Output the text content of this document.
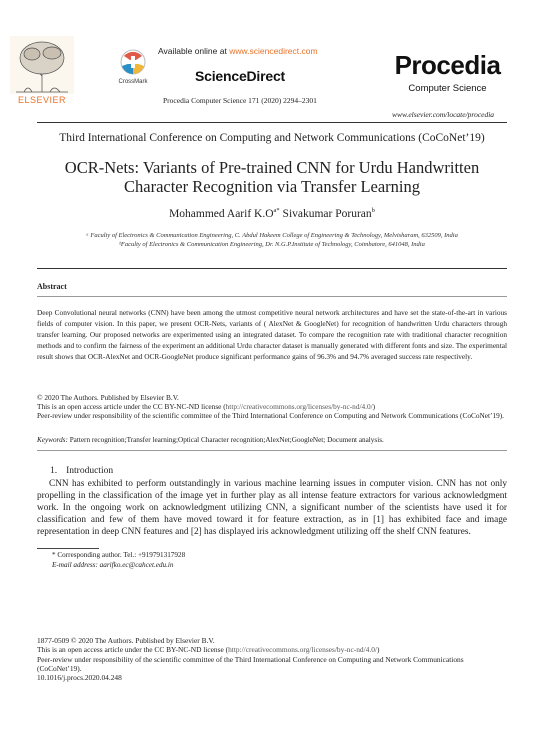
ELSEVIER
CrossMark
Available online at www.sciencedirect.com
ScienceDirect
Procedia Computer Science 171 (2020) 2294–2301
Procedia
Computer Science
www.elsevier.com/locate/procedia
Third International Conference on Computing and Network Communications (CoCoNet’19)
OCR-Nets: Variants of Pre-trained CNN for Urdu Handwritten
Character Recognition via Transfer Learning
Mohammed Aarif $K.O^{a*}$ Sivakumar Poruran$^b$
ᵃ Faculty of Electronics & Communication Engineering, C. Abdul Hakeem College of Engineering & Technology, Melvisharam, 632509, India
ᵇFaculty of Electronics & Communication Engineering, Dr. N.G.P.Institute of Technology, Coimbatore, 641048, India
Abstract
Deep Convolutional neural networks (CNN) have been among the utmost competitive neural network architectures and have set the state-of-the-art in various fields of computer vision. In this paper, we present OCR-Nets, variants of ( AlexNet & GoogleNet) for recognition of handwritten Urdu characters through transfer learning. Our proposed networks are experimented using an integrated dataset. To compare the recognition rate with traditional character recognition methods and to confirm the fairness of the experiment an additional Urdu character dataset is manually generated with different fonts and size. The experimental result shows that OCR-AlexNet and OCR-GoogleNet produce significant performance gains of 96.3% and 94.7% averaged success rate respectively.
© 2020 The Authors. Published by Elsevier B.V.
This is an open access article under the CC BY-NC-ND license (http://creativecommons.org/licenses/by-nc-nd/4.0/)
Peer-review under responsibility of the scientific committee of the Third International Conference on Computing and Network Communications (CoCoNet’19).
Keywords: Pattern recognition;Transfer learning;Optical Character recognition;AlexNet;GoogleNet; Document analysis.
1. Introduction
CNN has exhibited to perform outstandingly in various machine learning issues in computer vision. CNN has not only propelling in the classification of the image yet in further play as all intense feature extractors for various acknowledgment work. In the ongoing work on acknowledgment utilizing CNN, a significant number of the scientists have used it for classification and few of them have moved toward it for feature extraction, as in [1] has exhibited face and image representation in deep CNN features and [2] has displayed iris acknowledgment utilizing off the shelf CNN features.
* Corresponding author. Tel.: +919791317928
E-mail address: aarifko.ec@cahcet.edu.in
1877-0509 © 2020 The Authors. Published by Elsevier B.V.
This is an open access article under the CC BY-NC-ND license (http://creativecommons.org/licenses/by-nc-nd/4.0/)
Peer-review under responsibility of the scientific committee of the Third International Conference on Computing and Network Communications (CoCoNet’19).
10.1016/j.procs.2020.04.248
